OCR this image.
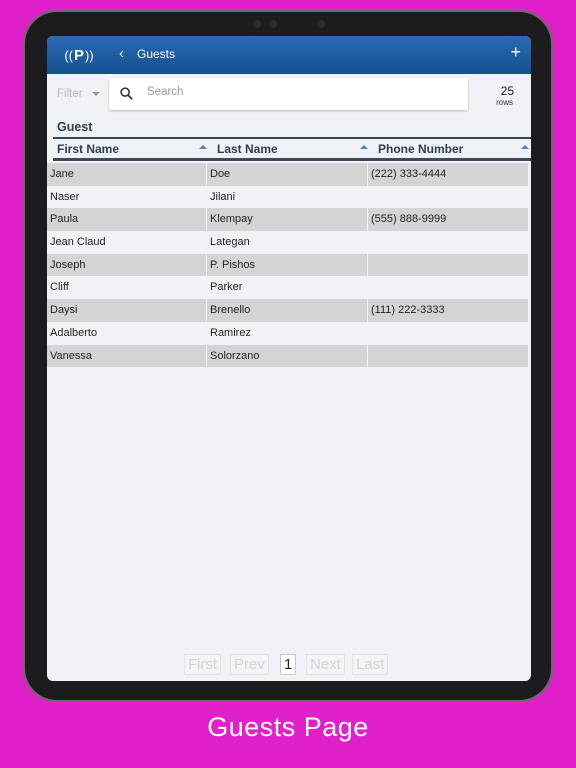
(( P )) ‹ Guests	+
Filter
Search	25
rows
Guest
First Name	Last Name	Phone Number
Jane	Doe	(222) 333-4444
Naser	Jilani
Paula	Klempay	(555) 888-9999
Jean Claud	Lategan
Joseph	P. Pishos
Cliff	Parker
Daysi	Brenello	(111) 222-3333
Adalberto	Ramirez
Vanessa	Solorzano
First Prev 1 Next Last
Guests Page
